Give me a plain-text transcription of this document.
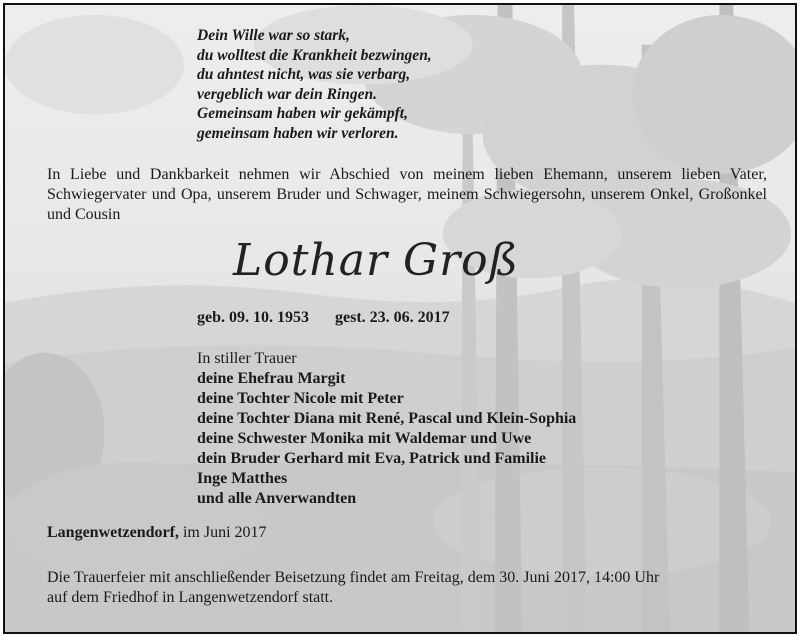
Dein Wille war so stark,
du wolltest die Krankheit bezwingen,
du ahntest nicht, was sie verbarg,
vergeblich war dein Ringen.
Gemeinsam haben wir gekämpft,
gemeinsam haben wir verloren.
In Liebe und Dankbarkeit nehmen wir Abschied von meinem lieben Ehemann, unserem lieben Vater, Schwiegervater und Opa, unserem Bruder und Schwager, meinem Schwiegersohn, unserem Onkel, Großonkel und Cousin
Lothar Groß
geb. 09. 10. 1953 gest. 23. 06. 2017
In stiller Trauer
deine Ehefrau Margit
deine Tochter Nicole mit Peter
deine Tochter Diana mit René, Pascal und Klein-Sophia
deine Schwester Monika mit Waldemar und Uwe
dein Bruder Gerhard mit Eva, Patrick und Familie
Inge Matthes
und alle Anverwandten
Langenwetzendorf, im Juni 2017
Die Trauerfeier mit anschließender Beisetzung findet am Freitag, dem 30. Juni 2017, 14:00 Uhr
auf dem Friedhof in Langenwetzendorf statt.
